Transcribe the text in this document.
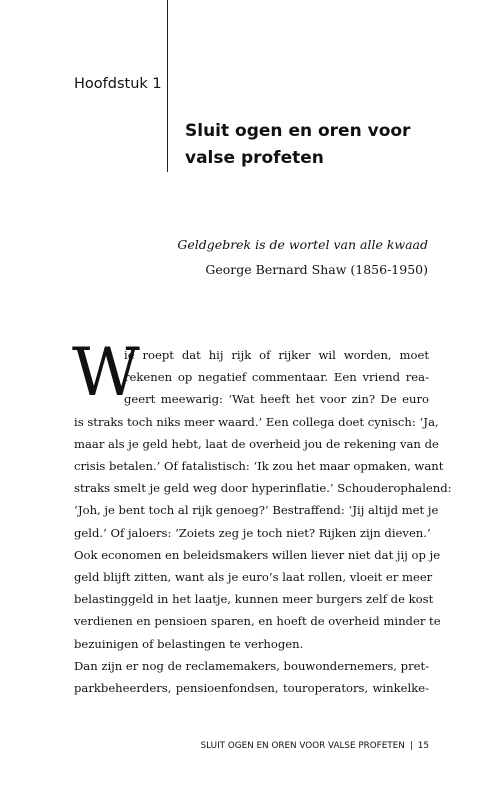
Hoofdstuk 1
Sluit ogen en oren voor
valse profeten
Geldgebrek is de wortel van alle kwaad
George Bernard Shaw (1856-1950)
W
ie roept dat hij rijk of rijker wil worden, moet
rekenen op negatief commentaar. Een vriend rea-
geert meewarig: ‘Wat heeft het voor zin? De euro
is straks toch niks meer waard.’ Een collega doet cynisch: ‘Ja,
maar als je geld hebt, laat de overheid jou de rekening van de
crisis betalen.’ Of fatalistisch: ‘Ik zou het maar opmaken, want
straks smelt je geld weg door hyperinflatie.’ Schouderophalend:
‘Joh, je bent toch al rijk genoeg?’ Bestraffend: ‘Jij altijd met je
geld.’ Of jaloers: ‘Zoiets zeg je toch niet? Rijken zijn dieven.’
Ook economen en beleidsmakers willen liever niet dat jij op je
geld blijft zitten, want als je euro’s laat rollen, vloeit er meer
belastinggeld in het laatje, kunnen meer burgers zelf de kost
verdienen en pensioen sparen, en hoeft de overheid minder te
bezuinigen of belastingen te verhogen.
Dan zijn er nog de reclamemakers, bouwondernemers, pret-
parkbeheerders, pensioenfondsen, touroperators, winkelke-
SLUIT OGEN EN OREN VOOR VALSE PROFETEN | 15
